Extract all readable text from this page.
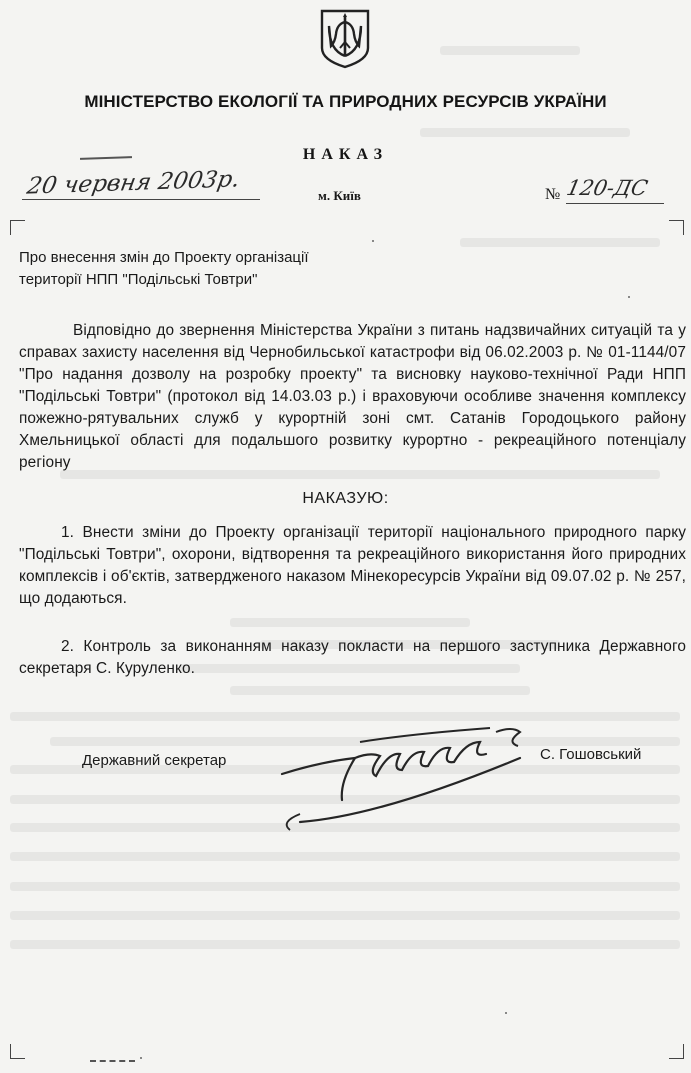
МІНІСТЕРСТВО ЕКОЛОГІЇ ТА ПРИРОДНИХ РЕСУРСІВ УКРАЇНИ
НАКАЗ
20 червня 2003р.	м. Київ	№ 120-ДС
Про внесення змін до Проекту організації
території НПП "Подільські Товтри"
Відповідно до звернення Міністерства України з питань надзвичайних ситуацій та у справах захисту населення від Чернобильської катастрофи від 06.02.2003 р. № 01-1144/07 "Про надання дозволу на розробку проекту" та висновку науково-технічної Ради НПП "Подільські Товтри" (протокол від 14.03.03 р.) і враховуючи особливе значення комплексу пожежно-рятувальних служб у курортній зоні смт. Сатанів Городоцького району Хмельницької області для подальшого розвитку курортно - рекреаційного потенціалу регіону
НАКАЗУЮ:
1. Внести зміни до Проекту організації території національного природного парку "Подільські Товтри", охорони, відтворення та рекреаційного використання його природних комплексів і об'єктів, затвердженого наказом Мінекоресурсів України від 09.07.02 р. № 257, що додаються.
2. Контроль за виконанням наказу покласти на першого заступника Державного секретаря С. Куруленко.
Державний секретар	С. Гошовський
